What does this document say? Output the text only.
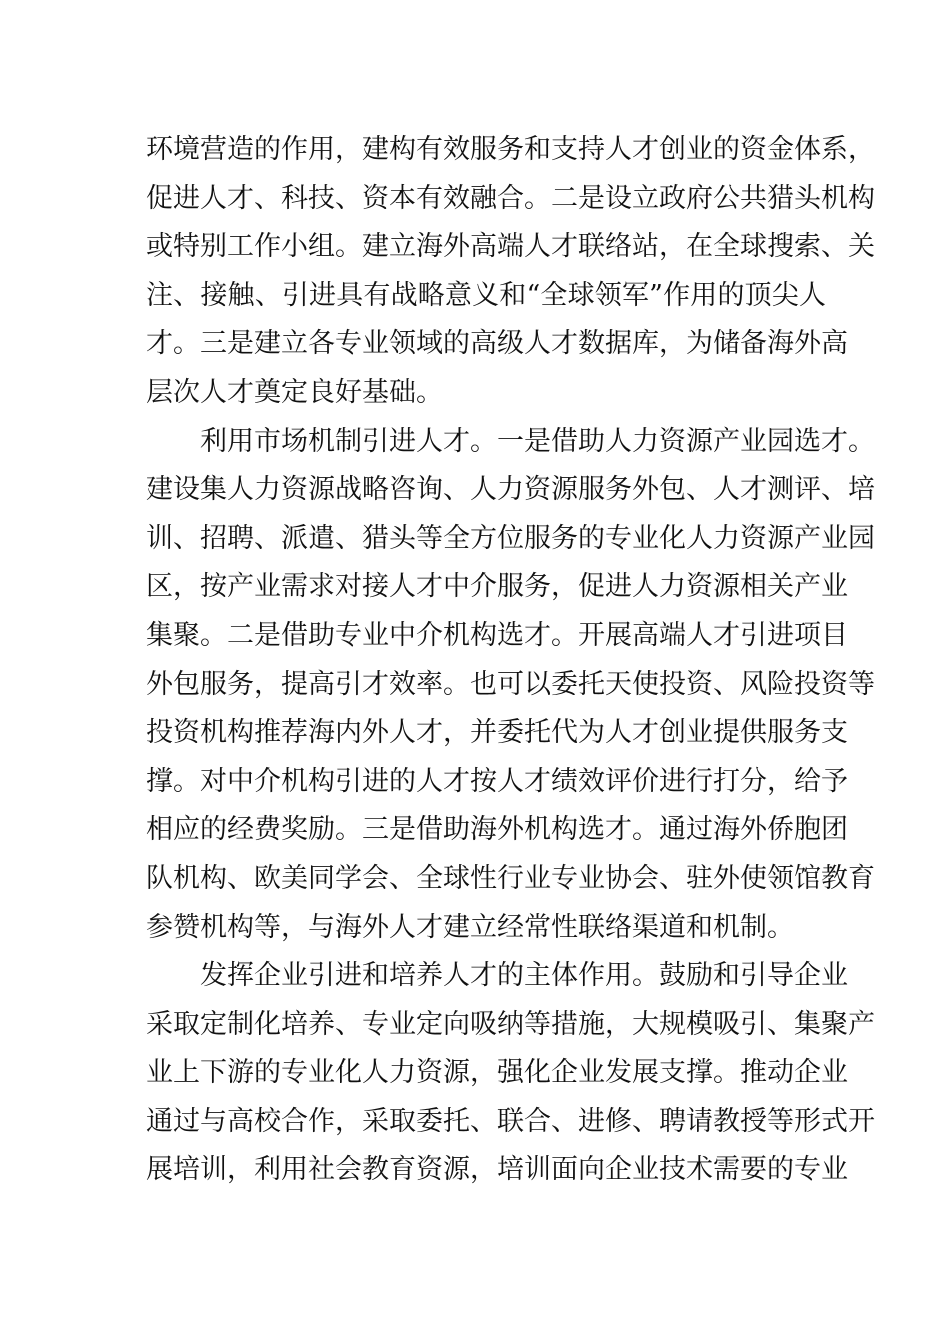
环境营造的作用，建构有效服务和支持人才创业的资金体系，
促进人才、科技、资本有效融合。二是设立政府公共猎头机构
或特别工作小组。建立海外高端人才联络站，在全球搜索、关
注、接触、引进具有战略意义和“全球领军”作用的顶尖人
才。三是建立各专业领域的高级人才数据库，为储备海外高
层次人才奠定良好基础。
利用市场机制引进人才。一是借助人力资源产业园选才。
建设集人力资源战略咨询、人力资源服务外包、人才测评、培
训、招聘、派遣、猎头等全方位服务的专业化人力资源产业园
区，按产业需求对接人才中介服务，促进人力资源相关产业
集聚。二是借助专业中介机构选才。开展高端人才引进项目
外包服务，提高引才效率。也可以委托天使投资、风险投资等
投资机构推荐海内外人才，并委托代为人才创业提供服务支
撑。对中介机构引进的人才按人才绩效评价进行打分，给予
相应的经费奖励。三是借助海外机构选才。通过海外侨胞团
队机构、欧美同学会、全球性行业专业协会、驻外使领馆教育
参赞机构等，与海外人才建立经常性联络渠道和机制。
发挥企业引进和培养人才的主体作用。鼓励和引导企业
采取定制化培养、专业定向吸纳等措施，大规模吸引、集聚产
业上下游的专业化人力资源，强化企业发展支撑。推动企业
通过与高校合作，采取委托、联合、进修、聘请教授等形式开
展培训，利用社会教育资源，培训面向企业技术需要的专业
